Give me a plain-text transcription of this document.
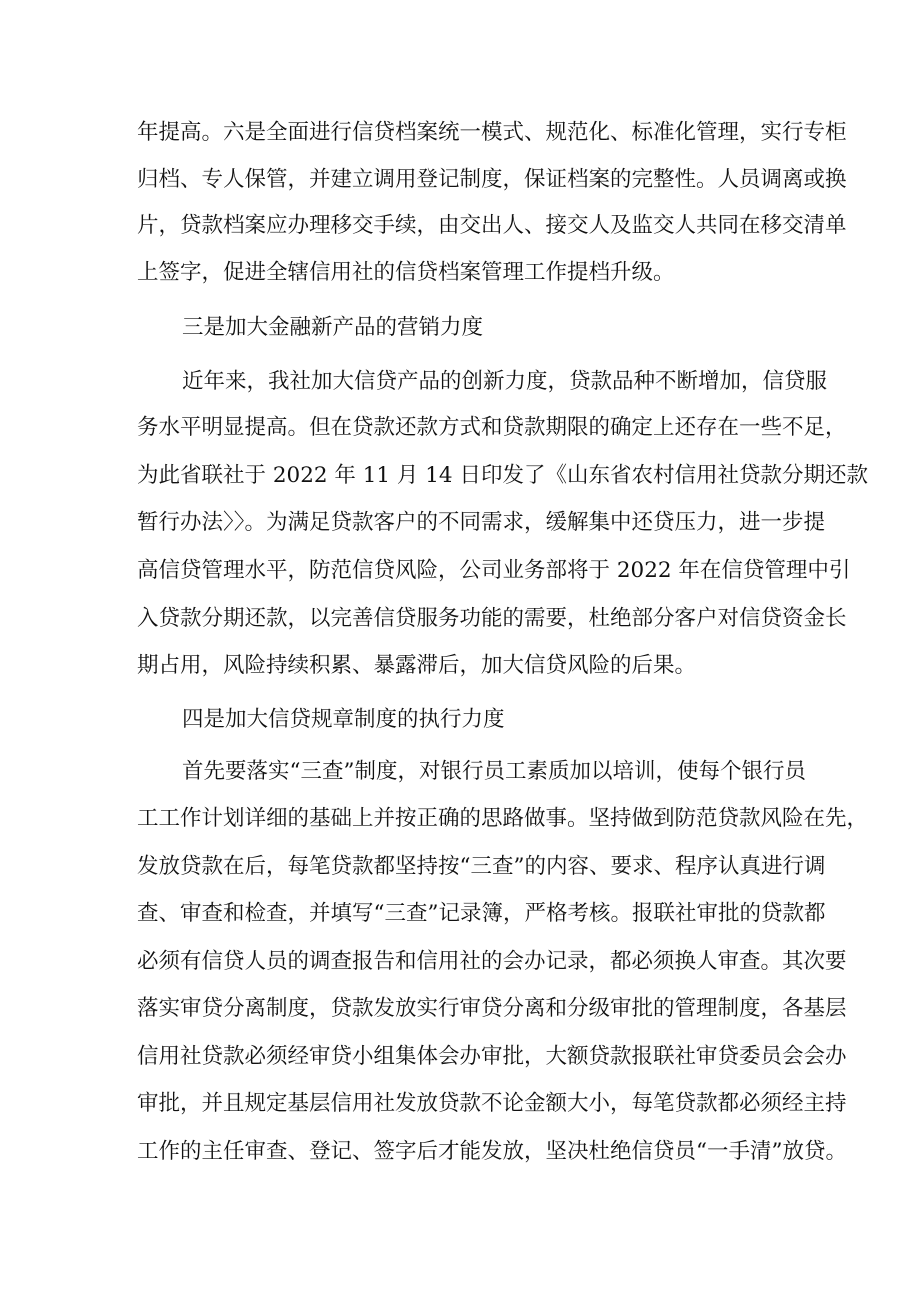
年提高。六是全面进行信贷档案统一模式、规范化、标准化管理，实行专柜
归档、专人保管，并建立调用登记制度，保证档案的完整性。人员调离或换
片，贷款档案应办理移交手续，由交出人、接交人及监交人共同在移交清单
上签字，促进全辖信用社的信贷档案管理工作提档升级。
三是加大金融新产品的营销力度
近年来，我社加大信贷产品的创新力度，贷款品种不断增加，信贷服
务水平明显提高。但在贷款还款方式和贷款期限的确定上还存在一些不足，
为此省联社于 2022 年 11 月 14 日印发了《山东省农村信用社贷款分期还款
暂行办法〉〉。为满足贷款客户的不同需求，缓解集中还贷压力，进一步提
高信贷管理水平，防范信贷风险，公司业务部将于 2022 年在信贷管理中引
入贷款分期还款，以完善信贷服务功能的需要，杜绝部分客户对信贷资金长
期占用，风险持续积累、暴露滞后，加大信贷风险的后果。
四是加大信贷规章制度的执行力度
首先要落实“三查”制度，对银行员工素质加以培训，使每个银行员
工工作计划详细的基础上并按正确的思路做事。坚持做到防范贷款风险在先，
发放贷款在后，每笔贷款都坚持按“三查”的内容、要求、程序认真进行调
查、审查和检查，并填写“三查”记录簿，严格考核。报联社审批的贷款都
必须有信贷人员的调查报告和信用社的会办记录，都必须换人审查。其次要
落实审贷分离制度，贷款发放实行审贷分离和分级审批的管理制度，各基层
信用社贷款必须经审贷小组集体会办审批，大额贷款报联社审贷委员会会办
审批，并且规定基层信用社发放贷款不论金额大小，每笔贷款都必须经主持
工作的主任审查、登记、签字后才能发放，坚决杜绝信贷员“一手清”放贷。
